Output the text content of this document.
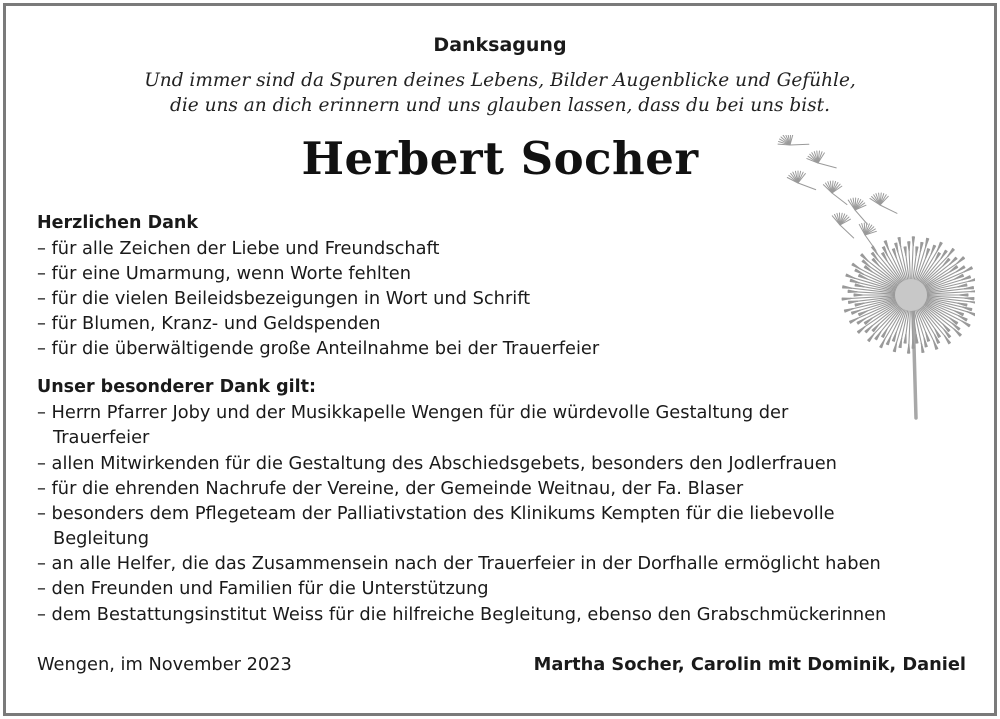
Danksagung
Und immer sind da Spuren deines Lebens, Bilder Augenblicke und Gefühle,
die uns an dich erinnern und uns glauben lassen, dass du bei uns bist.
Herbert Socher
Herzlichen Dank
– für alle Zeichen der Liebe und Freundschaft
– für eine Umarmung, wenn Worte fehlten
– für die vielen Beileidsbezeigungen in Wort und Schrift
– für Blumen, Kranz- und Geldspenden
– für die überwältigende große Anteilnahme bei der Trauerfeier
Unser besonderer Dank gilt:
– Herrn Pfarrer Joby und der Musikkapelle Wengen für die würdevolle Gestaltung der
Trauerfeier
– allen Mitwirkenden für die Gestaltung des Abschiedsgebets, besonders den Jodlerfrauen
– für die ehrenden Nachrufe der Vereine, der Gemeinde Weitnau, der Fa. Blaser
– besonders dem Pflegeteam der Palliativstation des Klinikums Kempten für die liebevolle
Begleitung
– an alle Helfer, die das Zusammensein nach der Trauerfeier in der Dorfhalle ermöglicht haben
– den Freunden und Familien für die Unterstützung
– dem Bestattungsinstitut Weiss für die hilfreiche Begleitung, ebenso den Grabschmückerinnen
Wengen, im November 2023	Martha Socher, Carolin mit Dominik, Daniel
